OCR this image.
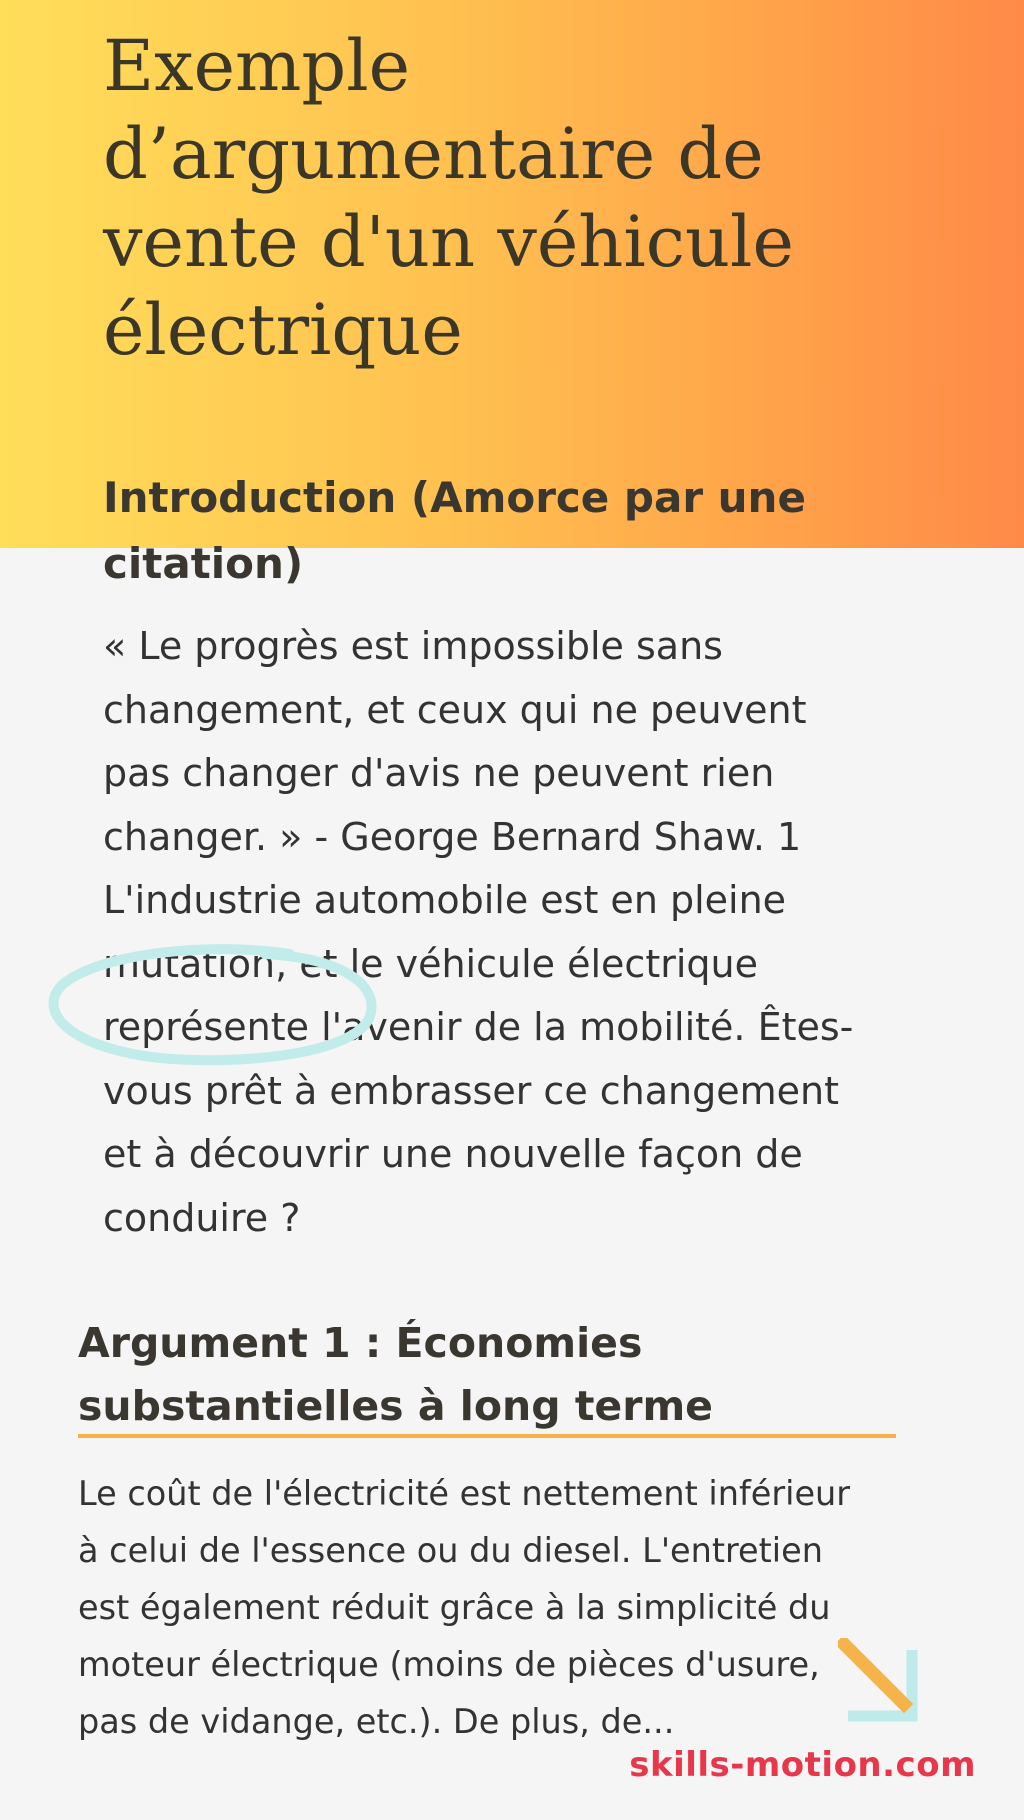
Exemple
d’argumentaire de
vente d'un véhicule
électrique
Introduction (Amorce par une
citation)

« Le progrès est impossible sans
changement, et ceux qui ne peuvent
pas changer d'avis ne peuvent rien
changer. » - George Bernard Shaw. 1
L'industrie automobile est en pleine
mutation, et le véhicule électrique
représente l'avenir de la mobilité. Êtes-
vous prêt à embrasser ce changement
et à découvrir une nouvelle façon de
conduire ?

Argument 1 : Économies
substantielles à long terme

Le coût de l'électricité est nettement inférieur
à celui de l'essence ou du diesel. L'entretien
est également réduit grâce à la simplicité du
moteur électrique (moins de pièces d'usure,
pas de vidange, etc.). De plus, de...

skills-motion.com
